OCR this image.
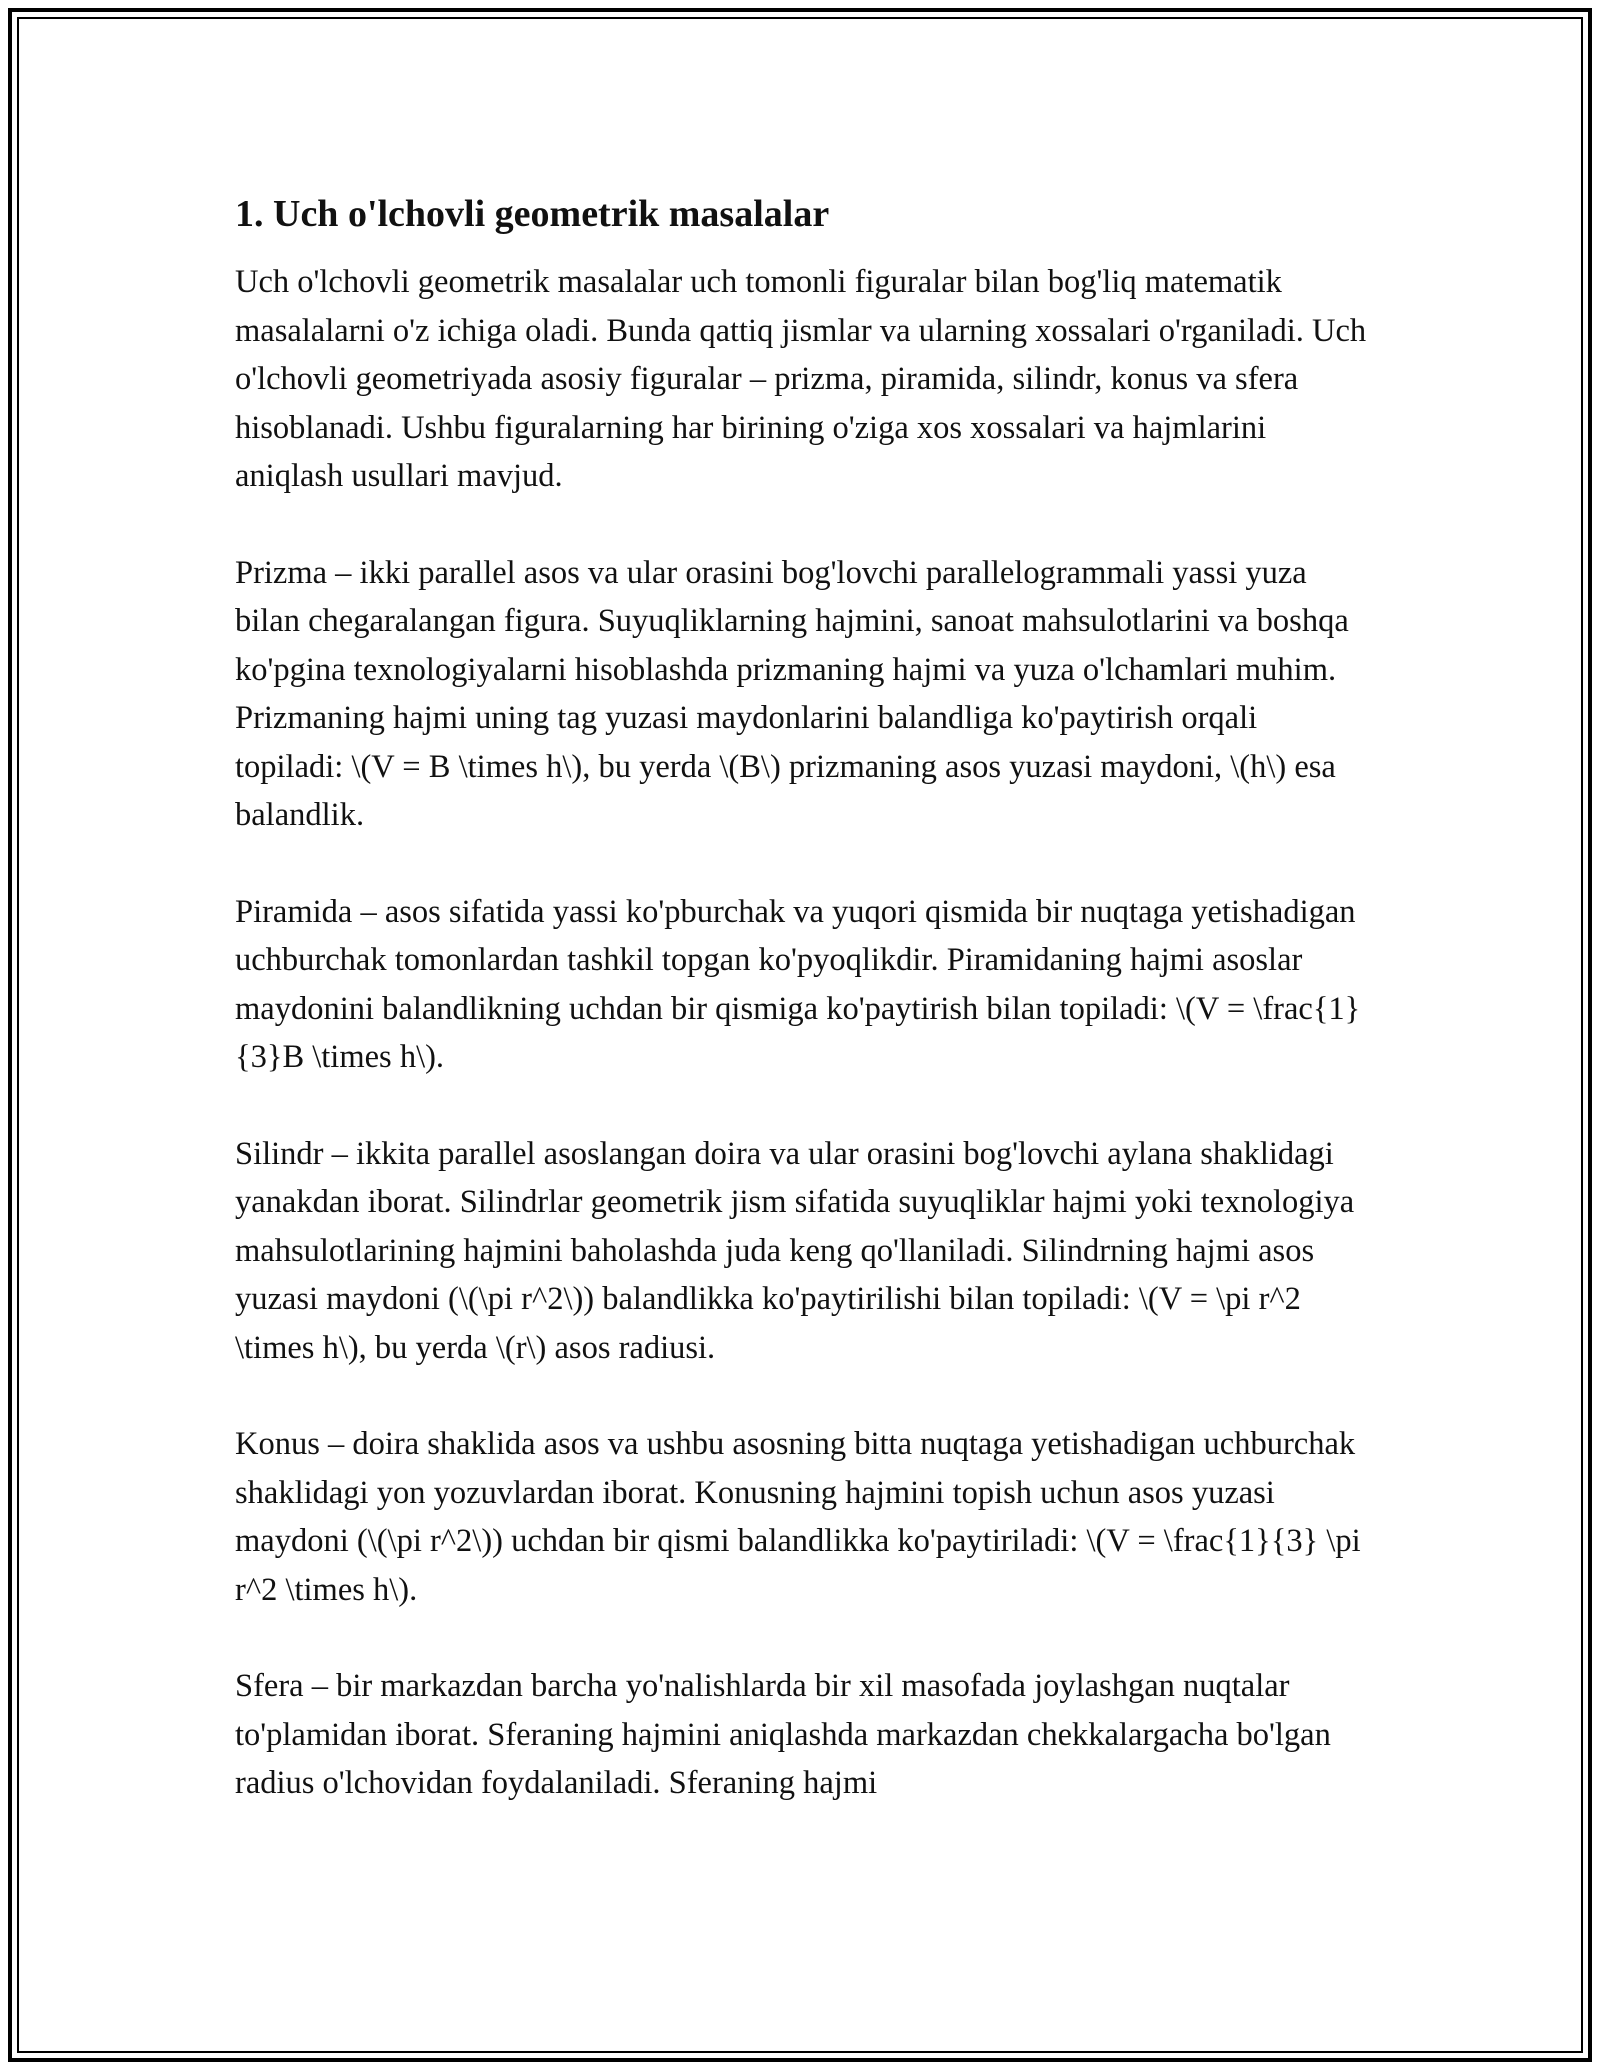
1. Uch o'lchovli geometrik masalalar

Uch o'lchovli geometrik masalalar uch tomonli figuralar bilan bog'liq matematik masalalarni o'z ichiga oladi. Bunda qattiq jismlar va ularning xossalari o'rganiladi. Uch o'lchovli geometriyada asosiy figuralar – prizma, piramida, silindr, konus va sfera hisoblanadi. Ushbu figuralarning har birining o'ziga xos xossalari va hajmlarini aniqlash usullari mavjud.

Prizma – ikki parallel asos va ular orasini bog'lovchi parallelogrammali yassi yuza bilan chegaralangan figura. Suyuqliklarning hajmini, sanoat mahsulotlarini va boshqa ko'pgina texnologiyalarni hisoblashda prizmaning hajmi va yuza o'lchamlari muhim. Prizmaning hajmi uning tag yuzasi maydonlarini balandliga ko'paytirish orqali topiladi: \(V = B \times h\), bu yerda \(B\) prizmaning asos yuzasi maydoni, \(h\) esa balandlik.

Piramida – asos sifatida yassi ko'pburchak va yuqori qismida bir nuqtaga yetishadigan uchburchak tomonlardan tashkil topgan ko'pyoqlikdir. Piramidaning hajmi asoslar maydonini balandlikning uchdan bir qismiga ko'paytirish bilan topiladi: \(V = \frac{1}{3}B \times h\).

Silindr – ikkita parallel asoslangan doira va ular orasini bog'lovchi aylana shaklidagi yanakdan iborat. Silindrlar geometrik jism sifatida suyuqliklar hajmi yoki texnologiya mahsulotlarining hajmini baholashda juda keng qo'llaniladi. Silindrning hajmi asos yuzasi maydoni (\(\pi r^2\)) balandlikka ko'paytirilishi bilan topiladi: \(V = \pi r^2 \times h\), bu yerda \(r\) asos radiusi.

Konus – doira shaklida asos va ushbu asosning bitta nuqtaga yetishadigan uchburchak shaklidagi yon yozuvlardan iborat. Konusning hajmini topish uchun asos yuzasi maydoni (\(\pi r^2\)) uchdan bir qismi balandlikka ko'paytiriladi: \(V = \frac{1}{3} \pi r^2 \times h\).

Sfera – bir markazdan barcha yo'nalishlarda bir xil masofada joylashgan nuqtalar to'plamidan iborat. Sferaning hajmini aniqlashda markazdan chekkalargacha bo'lgan radius o'lchovidan foydalaniladi. Sferaning hajmi
